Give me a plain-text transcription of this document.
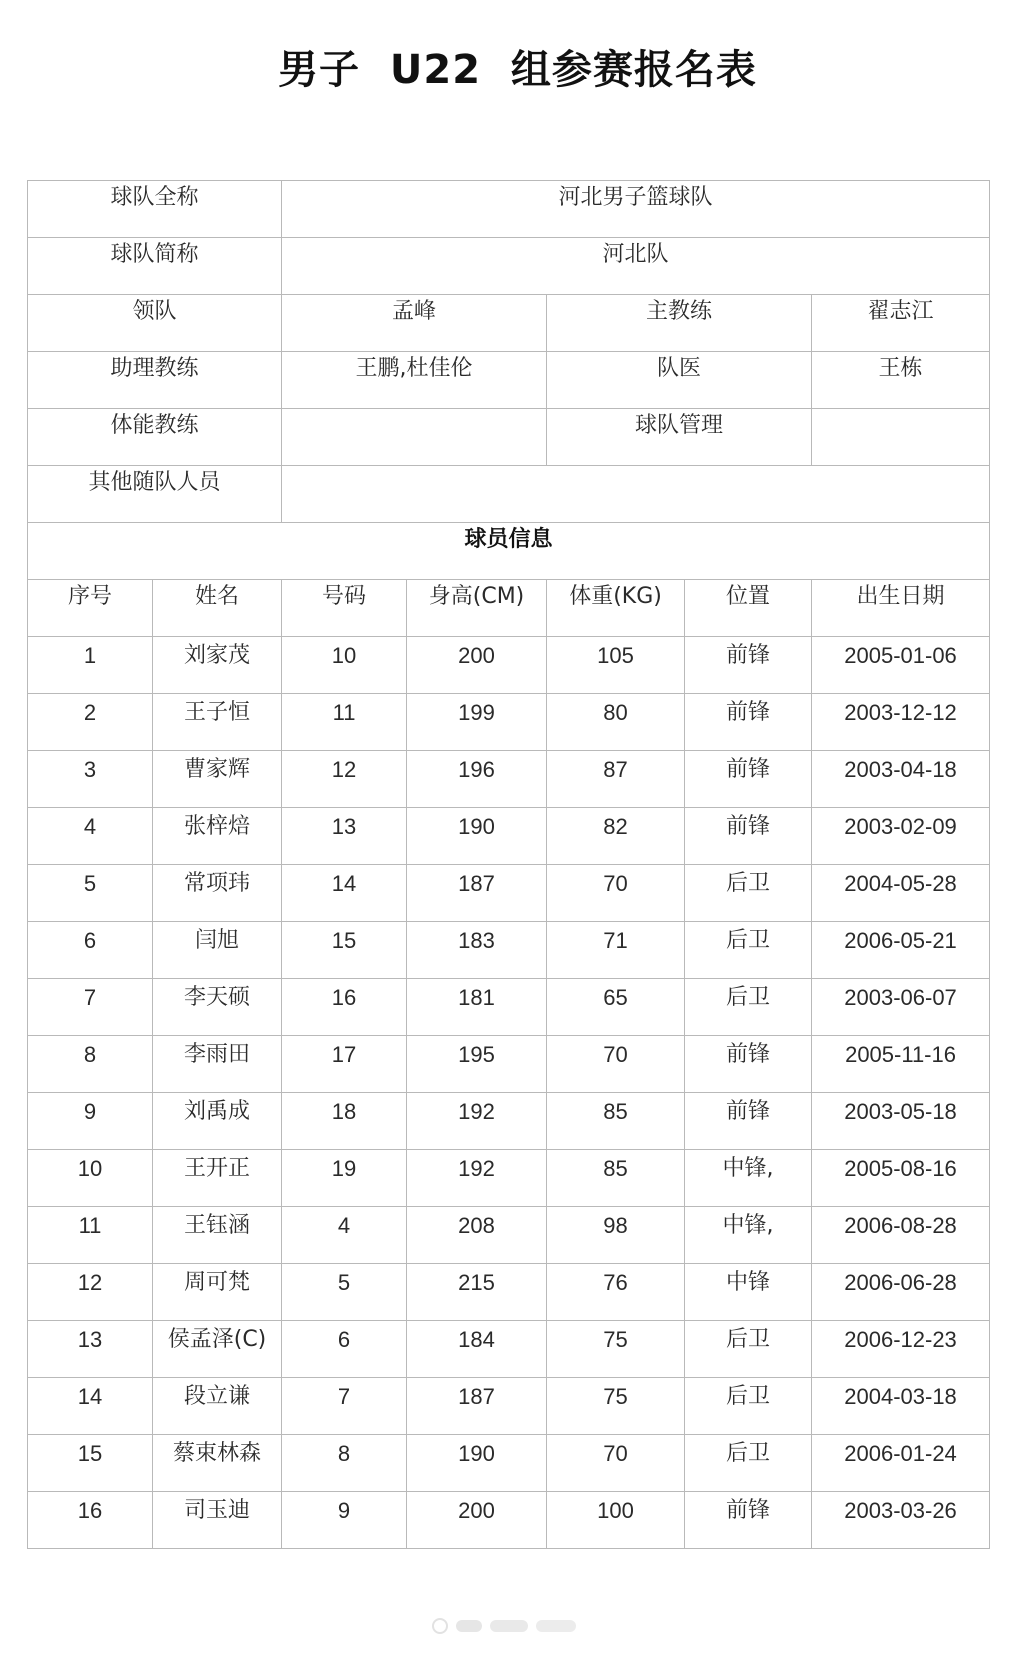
男子  U22  组参赛报名表
球队全称		河北男子篮球队				
球队简称		河北队				
领队		孟峰		主教练		翟志江
助理教练		王鹏,杜佳伦		队医		王栋
体能教练				球队管理		
其他随队人员						
球员信息						
序号	姓名	号码	身高(CM)	体重(KG)	位置	出生日期
1	刘家茂	10	200	105	前锋	2005-01-06
2	王子恒	11	199	80	前锋	2003-12-12
3	曹家辉	12	196	87	前锋	2003-04-18
4	张梓焙	13	190	82	前锋	2003-02-09
5	常项玮	14	187	70	后卫	2004-05-28
6	闫旭	15	183	71	后卫	2006-05-21
7	李天硕	16	181	65	后卫	2003-06-07
8	李雨田	17	195	70	前锋	2005-11-16
9	刘禹成	18	192	85	前锋	2003-05-18
10	王开正	19	192	85	中锋,	2005-08-16
11	王钰涵	4	208	98	中锋,	2006-08-28
12	周可梵	5	215	76	中锋	2006-06-28
13	侯孟泽(C)	6	184	75	后卫	2006-12-23
14	段立谦	7	187	75	后卫	2004-03-18
15	蔡束林森	8	190	70	后卫	2006-01-24
16	司玉迪	9	200	100	前锋	2003-03-26
